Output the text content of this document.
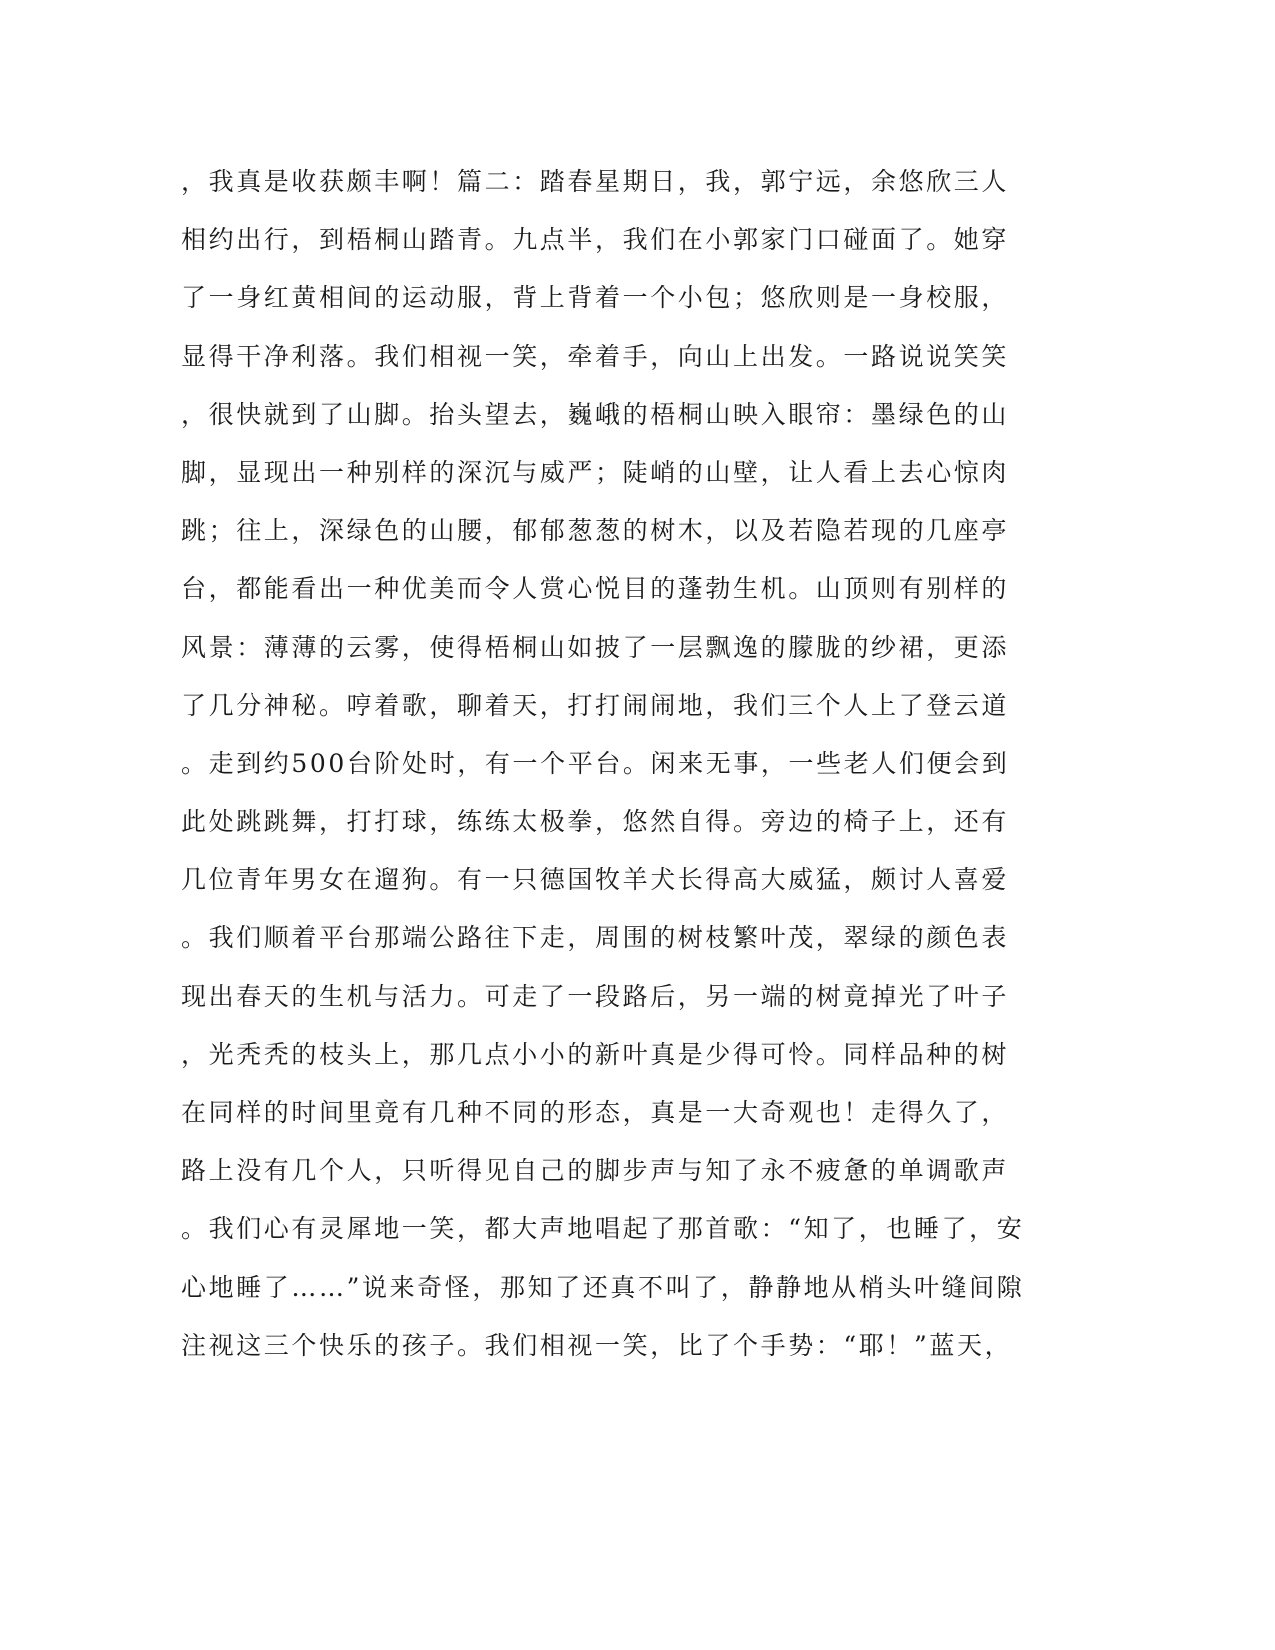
，我真是收获颇丰啊！篇二：踏春星期日，我，郭宁远，余悠欣三人
相约出行，到梧桐山踏青。九点半，我们在小郭家门口碰面了。她穿
了一身红黄相间的运动服，背上背着一个小包；悠欣则是一身校服，
显得干净利落。我们相视一笑，牵着手，向山上出发。一路说说笑笑
，很快就到了山脚。抬头望去，巍峨的梧桐山映入眼帘：墨绿色的山
脚，显现出一种别样的深沉与威严；陡峭的山壁，让人看上去心惊肉
跳；往上，深绿色的山腰，郁郁葱葱的树木，以及若隐若现的几座亭
台，都能看出一种优美而令人赏心悦目的蓬勃生机。山顶则有别样的
风景：薄薄的云雾，使得梧桐山如披了一层飘逸的朦胧的纱裙，更添
了几分神秘。哼着歌，聊着天，打打闹闹地，我们三个人上了登云道
。走到约500台阶处时，有一个平台。闲来无事，一些老人们便会到
此处跳跳舞，打打球，练练太极拳，悠然自得。旁边的椅子上，还有
几位青年男女在遛狗。有一只德国牧羊犬长得高大威猛，颇讨人喜爱
。我们顺着平台那端公路往下走，周围的树枝繁叶茂，翠绿的颜色表
现出春天的生机与活力。可走了一段路后，另一端的树竟掉光了叶子
，光秃秃的枝头上，那几点小小的新叶真是少得可怜。同样品种的树
在同样的时间里竟有几种不同的形态，真是一大奇观也！走得久了，
路上没有几个人，只听得见自己的脚步声与知了永不疲惫的单调歌声
。我们心有灵犀地一笑，都大声地唱起了那首歌：“知了，也睡了，安
心地睡了……”说来奇怪，那知了还真不叫了，静静地从梢头叶缝间隙
注视这三个快乐的孩子。我们相视一笑，比了个手势：“耶！”蓝天，
